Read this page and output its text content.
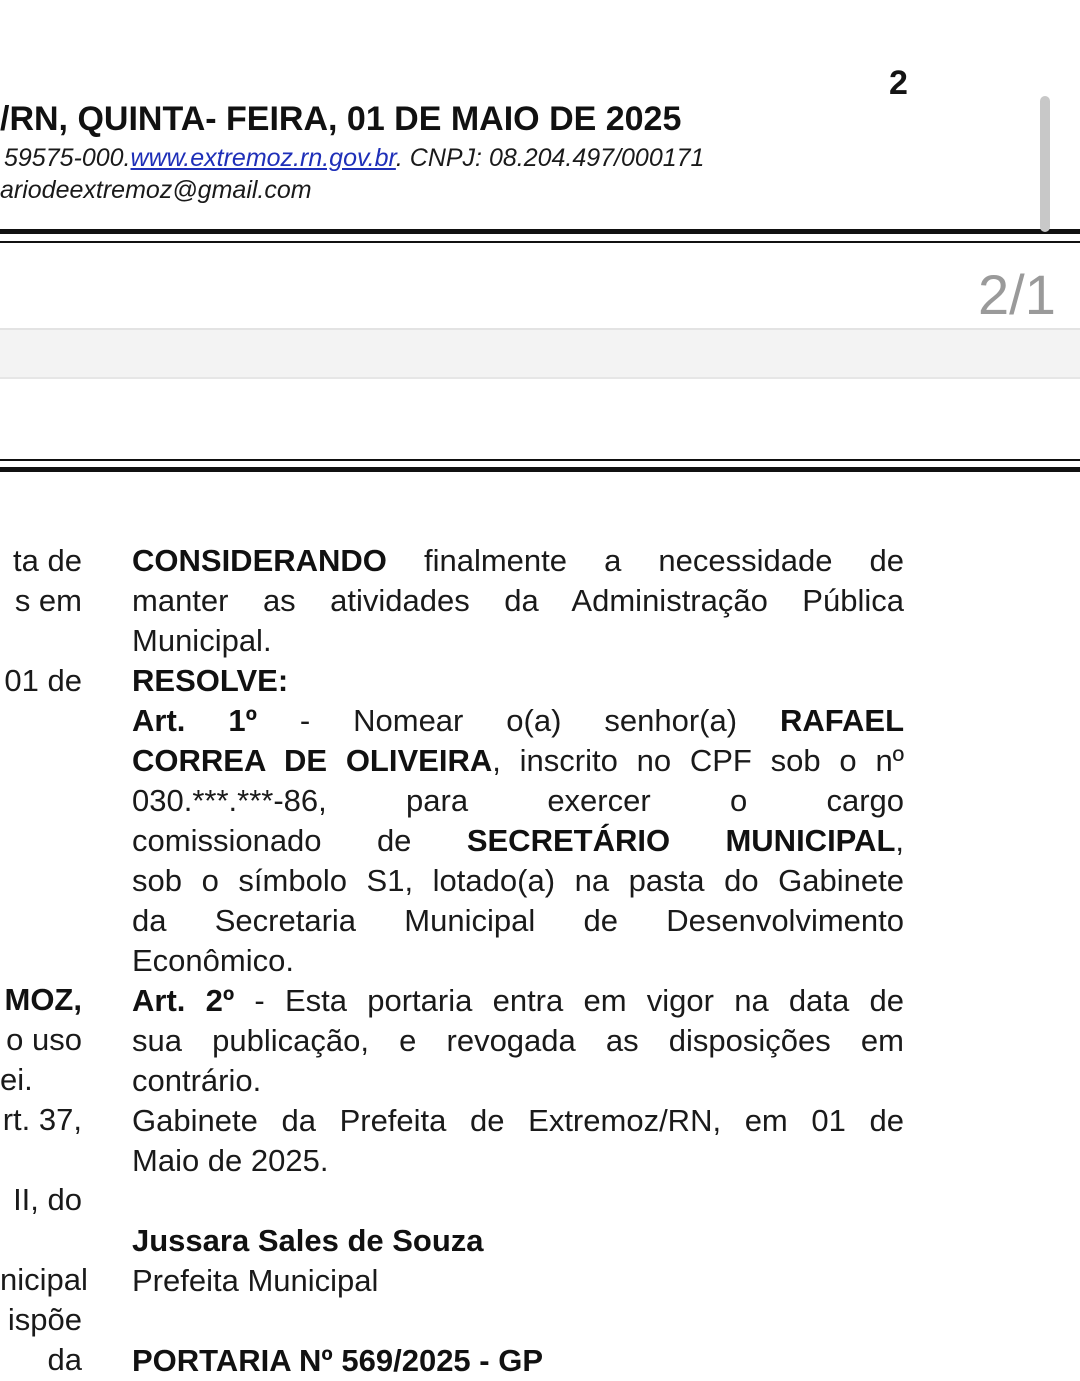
2
/RN, QUINTA- FEIRA, 01 DE MAIO DE 2025
59575-000.www.extremoz.rn.gov.br. CNPJ: 08.204.497/000171
ariodeextremoz@gmail.com
2/1
ta de
s em
01 de
MOZ,
o uso
ei.
rt. 37,
II, do
nicipal
ispõe
da

CONSIDERANDO finalmente a necessidade de

manter as atividades da Administração Pública

Municipal.

RESOLVE:

Art. 1º - Nomear o(a) senhor(a) RAFAEL

CORREA DE OLIVEIRA, inscrito no CPF sob o nº

030.***.***-86, para exercer o cargo

comissionado de SECRETÁRIO MUNICIPAL,

sob o símbolo S1, lotado(a) na pasta do Gabinete

da Secretaria Municipal de Desenvolvimento

Econômico.

Art. 2º - Esta portaria entra em vigor na data de

sua publicação, e revogada as disposições em

contrário.

Gabinete da Prefeita de Extremoz/RN, em 01 de

Maio de 2025.

Jussara Sales de Souza

Prefeita Municipal

PORTARIA Nº 569/2025 - GP
